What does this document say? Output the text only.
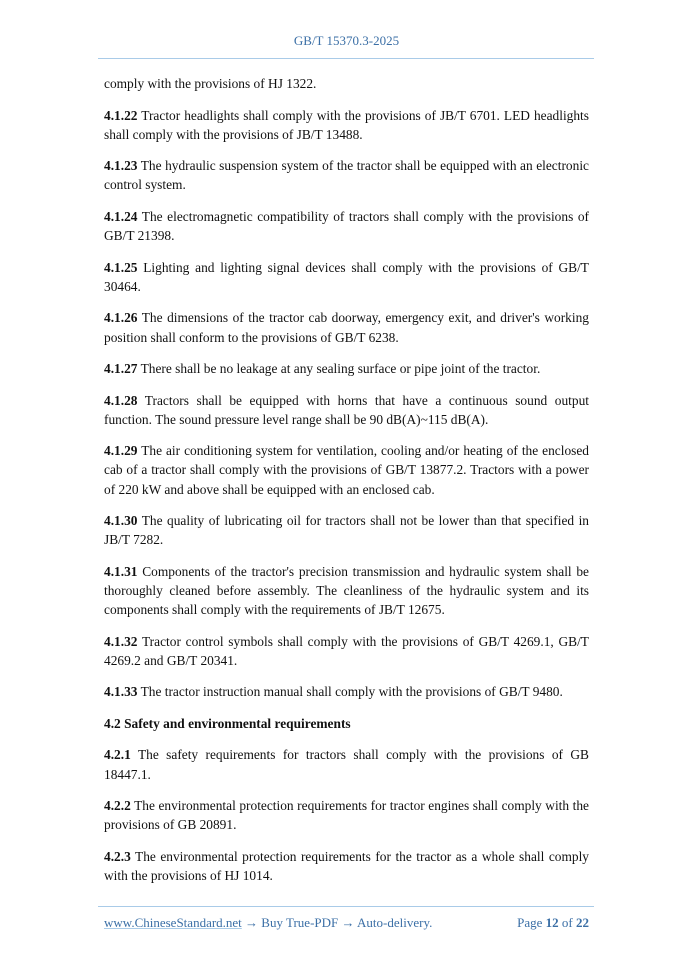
GB/T 15370.3-2025

comply with the provisions of HJ 1322.

4.1.22 Tractor headlights shall comply with the provisions of JB/T 6701. LED headlights shall comply with the provisions of JB/T 13488.

4.1.23 The hydraulic suspension system of the tractor shall be equipped with an electronic control system.

4.1.24 The electromagnetic compatibility of tractors shall comply with the provisions of GB/T 21398.

4.1.25 Lighting and lighting signal devices shall comply with the provisions of GB/T 30464.

4.1.26 The dimensions of the tractor cab doorway, emergency exit, and driver's working position shall conform to the provisions of GB/T 6238.

4.1.27 There shall be no leakage at any sealing surface or pipe joint of the tractor.

4.1.28 Tractors shall be equipped with horns that have a continuous sound output function. The sound pressure level range shall be 90 dB(A)~115 dB(A).

4.1.29 The air conditioning system for ventilation, cooling and/or heating of the enclosed cab of a tractor shall comply with the provisions of GB/T 13877.2. Tractors with a power of 220 kW and above shall be equipped with an enclosed cab.

4.1.30 The quality of lubricating oil for tractors shall not be lower than that specified in JB/T 7282.

4.1.31 Components of the tractor's precision transmission and hydraulic system shall be thoroughly cleaned before assembly. The cleanliness of the hydraulic system and its components shall comply with the requirements of JB/T 12675.

4.1.32 Tractor control symbols shall comply with the provisions of GB/T 4269.1, GB/T 4269.2 and GB/T 20341.

4.1.33 The tractor instruction manual shall comply with the provisions of GB/T 9480.

4.2 Safety and environmental requirements

4.2.1 The safety requirements for tractors shall comply with the provisions of GB 18447.1.

4.2.2 The environmental protection requirements for tractor engines shall comply with the provisions of GB 20891.

4.2.3 The environmental protection requirements for the tractor as a whole shall comply with the provisions of HJ 1014.

www.ChineseStandard.net → Buy True-PDF → Auto-delivery.	Page 12 of 22
